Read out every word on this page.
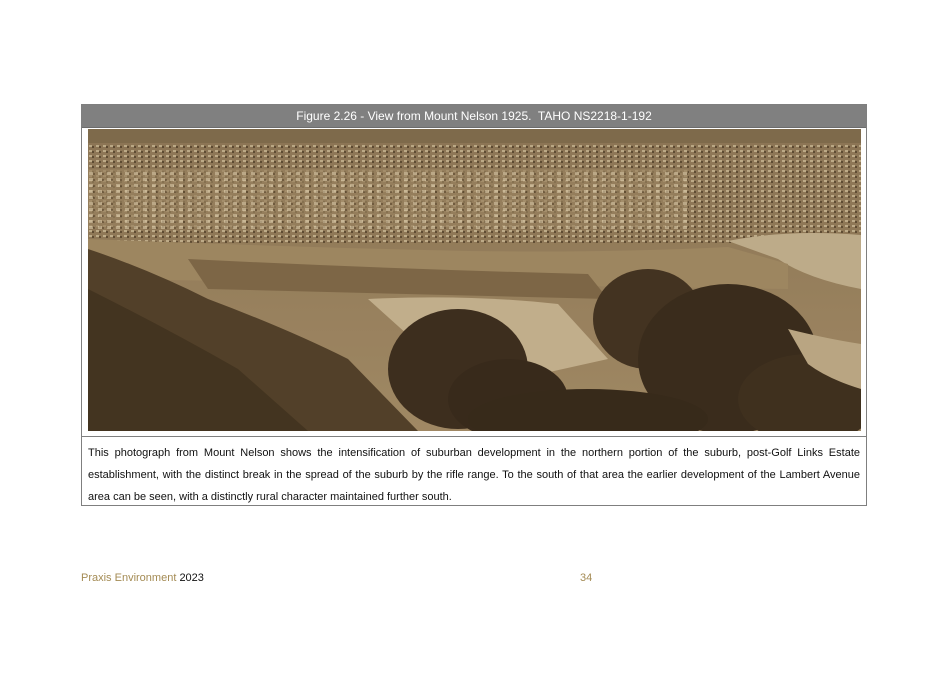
Figure 2.26 - View from Mount Nelson 1925.  TAHO NS2218-1-192
This photograph from Mount Nelson shows the intensification of suburban development in the northern portion of the suburb, post-Golf Links Estate establishment, with the distinct break in the spread of the suburb by the rifle range. To the south of that area the earlier development of the Lambert Avenue area can be seen, with a distinctly rural character maintained further south.
Praxis Environment 2023	34
